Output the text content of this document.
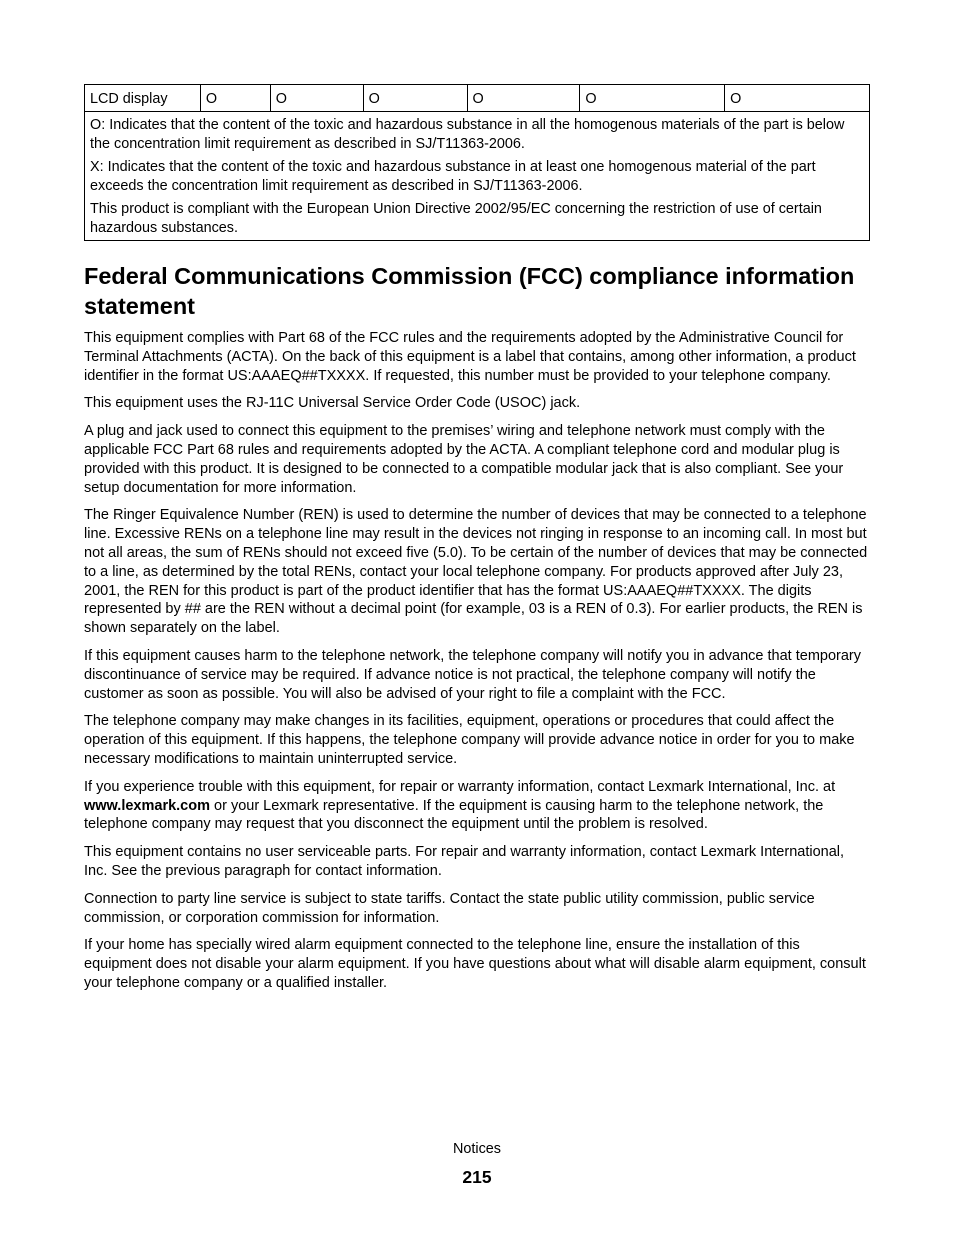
LCD display	O	O	O	O	O	O

O: Indicates that the content of the toxic and hazardous substance in all the homogenous materials of the part is below the concentration limit requirement as described in SJ/T11363-2006.

X: Indicates that the content of the toxic and hazardous substance in at least one homogenous material of the part exceeds the concentration limit requirement as described in SJ/T11363-2006.

This product is compliant with the European Union Directive 2002/95/EC concerning the restriction of use of certain hazardous substances.

Federal Communications Commission (FCC) compliance information statement

This equipment complies with Part 68 of the FCC rules and the requirements adopted by the Administrative Council for Terminal Attachments (ACTA). On the back of this equipment is a label that contains, among other information, a product identifier in the format US:AAAEQ##TXXXX. If requested, this number must be provided to your telephone company.

This equipment uses the RJ-11C Universal Service Order Code (USOC) jack.

A plug and jack used to connect this equipment to the premises’ wiring and telephone network must comply with the applicable FCC Part 68 rules and requirements adopted by the ACTA. A compliant telephone cord and modular plug is provided with this product. It is designed to be connected to a compatible modular jack that is also compliant. See your setup documentation for more information.

The Ringer Equivalence Number (REN) is used to determine the number of devices that may be connected to a telephone line. Excessive RENs on a telephone line may result in the devices not ringing in response to an incoming call. In most but not all areas, the sum of RENs should not exceed five (5.0). To be certain of the number of devices that may be connected to a line, as determined by the total RENs, contact your local telephone company. For products approved after July 23, 2001, the REN for this product is part of the product identifier that has the format US:AAAEQ##TXXXX. The digits represented by ## are the REN without a decimal point (for example, 03 is a REN of 0.3). For earlier products, the REN is shown separately on the label.

If this equipment causes harm to the telephone network, the telephone company will notify you in advance that temporary discontinuance of service may be required. If advance notice is not practical, the telephone company will notify the customer as soon as possible. You will also be advised of your right to file a complaint with the FCC.

The telephone company may make changes in its facilities, equipment, operations or procedures that could affect the operation of this equipment. If this happens, the telephone company will provide advance notice in order for you to make necessary modifications to maintain uninterrupted service.

If you experience trouble with this equipment, for repair or warranty information, contact Lexmark International, Inc. at www.lexmark.com or your Lexmark representative. If the equipment is causing harm to the telephone network, the telephone company may request that you disconnect the equipment until the problem is resolved.

This equipment contains no user serviceable parts. For repair and warranty information, contact Lexmark International, Inc. See the previous paragraph for contact information.

Connection to party line service is subject to state tariffs. Contact the state public utility commission, public service commission, or corporation commission for information.

If your home has specially wired alarm equipment connected to the telephone line, ensure the installation of this equipment does not disable your alarm equipment. If you have questions about what will disable alarm equipment, consult your telephone company or a qualified installer.

Notices
215
